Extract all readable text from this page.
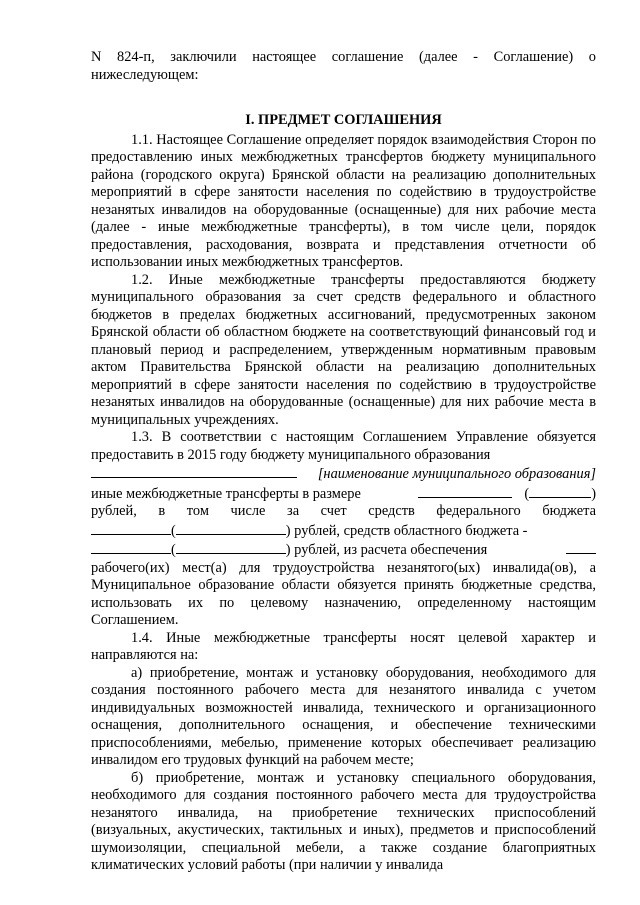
N 824-п, заключили настоящее соглашение (далее - Соглашение) о нижеследующем:

I. ПРЕДМЕТ СОГЛАШЕНИЯ

1.1. Настоящее Соглашение определяет порядок взаимодействия Сторон по предоставлению иных межбюджетных трансфертов бюджету муниципального района (городского округа) Брянской области на реализацию дополнительных мероприятий в сфере занятости населения по содействию в трудоустройстве незанятых инвалидов на оборудованные (оснащенные) для них рабочие места (далее - иные межбюджетные трансферты), в том числе цели, порядок предоставления, расходования, возврата и представления отчетности об использовании иных межбюджетных трансфертов.

1.2. Иные межбюджетные трансферты предоставляются бюджету муниципального образования за счет средств федерального и областного бюджетов в пределах бюджетных ассигнований, предусмотренных законом Брянской области об областном бюджете на соответствующий финансовый год и плановый период и распределением, утвержденным нормативным правовым актом Правительства Брянской области на реализацию дополнительных мероприятий в сфере занятости населения по содействию в трудоустройстве незанятых инвалидов на оборудованные (оснащенные) для них рабочие места в муниципальных учреждениях.

1.3. В соответствии с настоящим Соглашением Управление обязуется предоставить в 2015 году бюджету муниципального образования

[наименование муниципального образования]
иные межбюджетные трансферты в размере	(	)

рублей, в том числе за счет средств федерального бюджета

(	) рублей, средств областного бюджета -
(	) рублей, из расчета обеспечения

рабочего(их) мест(а) для трудоустройства незанятого(ых) инвалида(ов), а Муниципальное образование области обязуется принять бюджетные средства, использовать их по целевому назначению, определенному настоящим Соглашением.

1.4. Иные межбюджетные трансферты носят целевой характер и направляются на:

а) приобретение, монтаж и установку оборудования, необходимого для создания постоянного рабочего места для незанятого инвалида с учетом индивидуальных возможностей инвалида, технического и организационного оснащения, дополнительного оснащения, и обеспечение техническими приспособлениями, мебелью, применение которых обеспечивает реализацию инвалидом его трудовых функций на рабочем месте;

б) приобретение, монтаж и установку специального оборудования, необходимого для создания постоянного рабочего места для трудоустройства незанятого инвалида, на приобретение технических приспособлений (визуальных, акустических, тактильных и иных), предметов и приспособлений шумоизоляции, специальной мебели, а также создание благоприятных климатических условий работы (при наличии у инвалида
